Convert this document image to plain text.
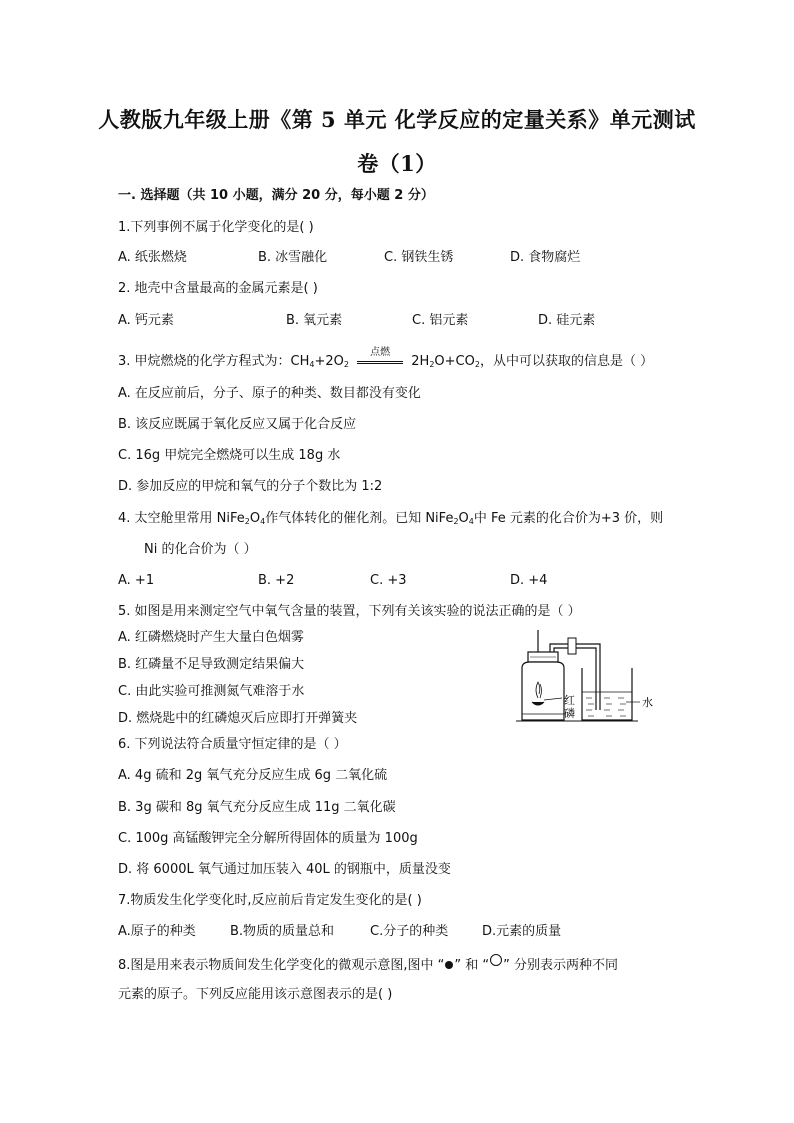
人教版九年级上册《第 5 单元 化学反应的定量关系》单元测试
卷（1）
一. 选择题（共 10 小题，满分 20 分，每小题 2 分）
1.下列事例不属于化学变化的是( )
A. 纸张燃烧	B. 冰雪融化	C. 钢铁生锈	D. 食物腐烂
2. 地壳中含量最高的金属元素是( )
A. 钙元素	B. 氧元素	C. 铝元素	D. 硅元素
3. 甲烷燃烧的化学方程式为：$CH_4+2O_2$
点燃
$2H_2O+CO_2$，从中可以获取的信息是（ ）
A. 在反应前后，分子、原子的种类、数目都没有变化
B. 该反应既属于氧化反应又属于化合反应
C. 16g 甲烷完全燃烧可以生成 18g 水
D. 参加反应的甲烷和氧气的分子个数比为 1:2
4. 太空舱里常用 $NiFe_2O_4$作气体转化的催化剂。已知 $NiFe_2O_4$中 Fe 元素的化合价为+3 价，则
Ni 的化合价为（ ）
A. +1	B. +2	C. +3	D. +4
5. 如图是用来测定空气中氧气含量的装置，下列有关该实验的说法正确的是（ ）
A. 红磷燃烧时产生大量白色烟雾
B. 红磷量不足导致测定结果偏大
C. 由此实验可推测氮气难溶于水
D. 燃烧匙中的红磷熄灭后应即打开弹簧夹
红
磷
水
6. 下列说法符合质量守恒定律的是（ ）
A. 4g 硫和 2g 氧气充分反应生成 6g 二氧化硫
B. 3g 碳和 8g 氧气充分反应生成 11g 二氧化碳
C. 100g 高锰酸钾完全分解所得固体的质量为 100g
D. 将 6000L 氧气通过加压装入 40L 的钢瓶中，质量没变
7.物质发生化学变化时,反应前后肯定发生变化的是( )
A.原子的种类	B.物质的质量总和	C.分子的种类	D.元素的质量
8.图是用来表示物质间发生化学变化的微观示意图,图中 “ ” 和 “ ” 分别表示两种不同
元素的原子。下列反应能用该示意图表示的是( )
